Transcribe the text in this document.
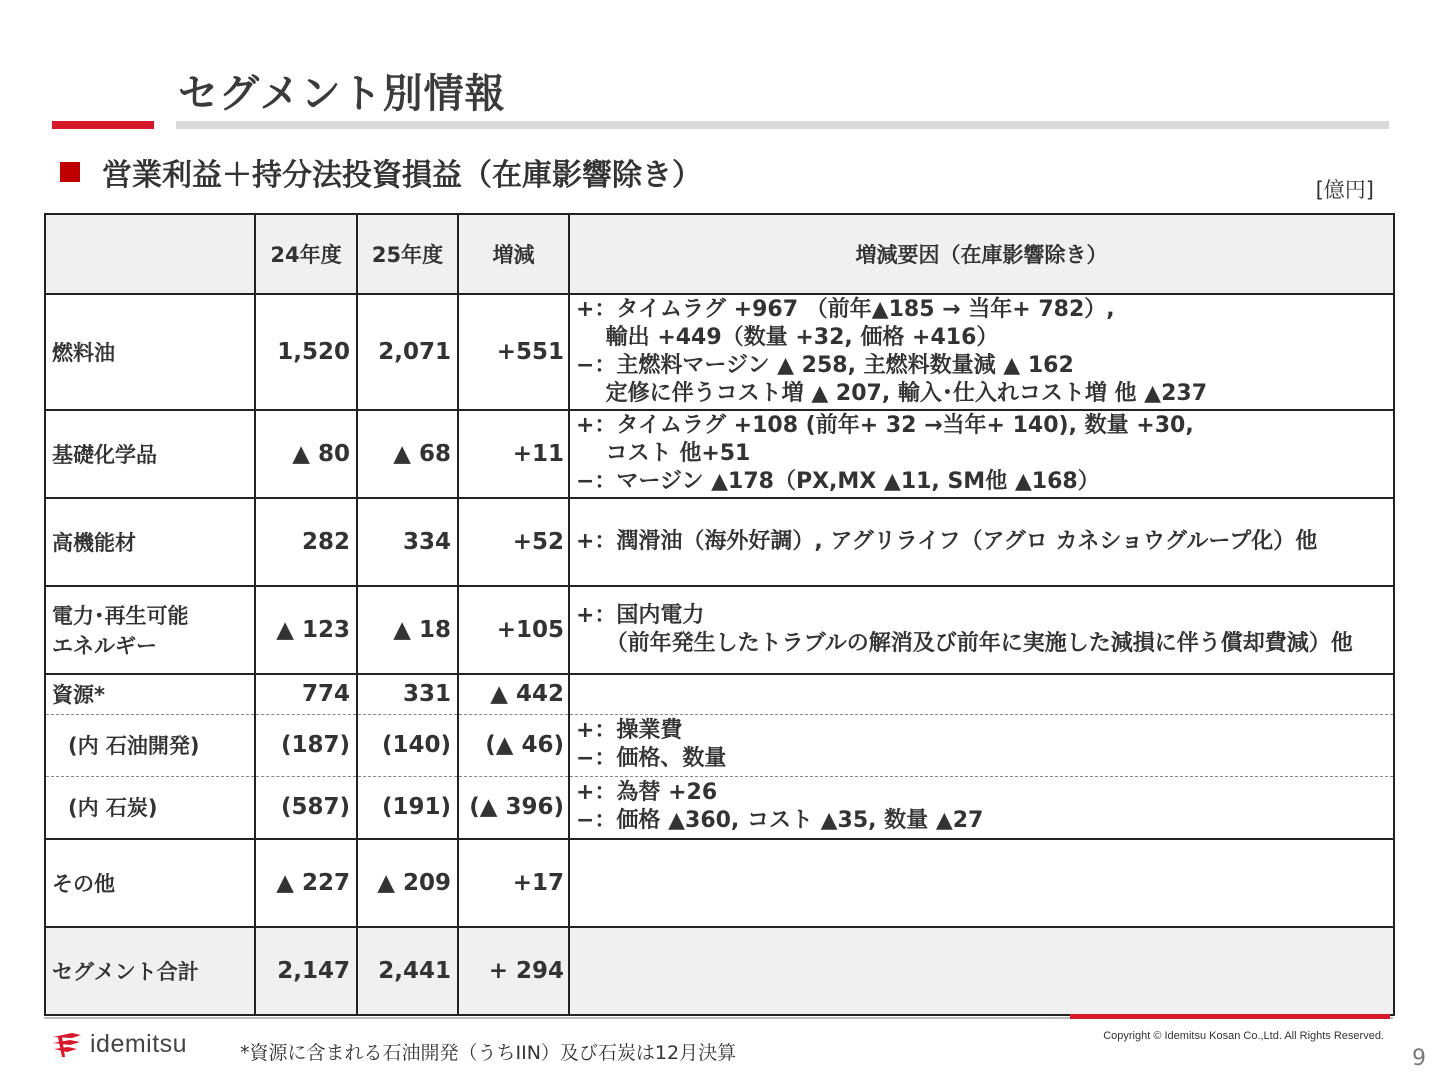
セグメント別情報
営業利益＋持分法投資損益（在庫影響除き）	[億円]
	24年度	25年度	増減	増減要因（在庫影響除き）
燃料油	1,520	2,071	+551	+：タイムラグ +967 （前年▲185 → 当年+ 782）,
　 輸出 +449（数量 +32, 価格 +416）
−：主燃料マージン ▲ 258, 主燃料数量減 ▲ 162
　 定修に伴うコスト増 ▲ 207, 輸入･仕入れコスト増 他 ▲237

基礎化学品	▲ 80	▲ 68	+11	+：タイムラグ +108 (前年+ 32 →当年+ 140), 数量 +30,
　 コスト 他+51
−：マージン ▲178（PX,MX ▲11, SM他 ▲168）

高機能材	282	334	+52	+：潤滑油（海外好調）, アグリライフ（アグロ カネショウグループ化）他

電力･再生可能
エネルギー	▲ 123	▲ 18	+105	+：国内電力
　 （前年発生したトラブルの解消及び前年に実施した減損に伴う償却費減）他

資源*	774	331	▲ 442	
(内 石油開発)	(187)	(140)	(▲ 46)	+：操業費
−：価格、数量

(内 石炭)	(587)	(191)	(▲ 396)	+：為替 +26
−：価格 ▲360, コスト ▲35, 数量 ▲27

その他	▲ 227	▲ 209	+17	
セグメント合計	2,147	2,441	+ 294	
idemitsu	*資源に含まれる石油開発（うちIIN）及び石炭は12月決算
Copyright © Idemitsu Kosan Co.,Ltd. All Rights Reserved.
9
